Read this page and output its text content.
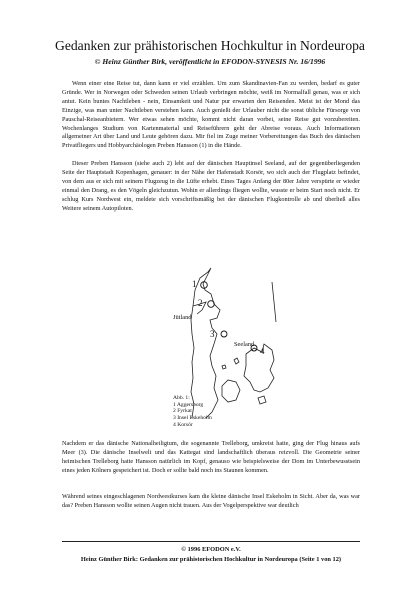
Gedanken zur prähistorischen Hochkultur in Nordeuropa
© Heinz Günther Birk, veröffentlicht in EFODON-SYNESIS Nr. 16/1996

Wenn einer eine Reise tut, dann kann er viel erzählen. Um zum Skandinavien-Fan zu werden, bedarf es guter Gründe. Wer in Norwegen oder Schweden seinen Urlaub verbringen möchte, weiß im Normalfall genau, was er sich antut. Kein buntes Nachtleben - nein, Einsamkeit und Natur pur erwarten den Reisenden. Meist ist der Mond das Einzige, was man unter Nachtleben verstehen kann. Auch genießt der Urlauber nicht die sonst übliche Fürsorge von Pauschal-Reiseanbietern. Wer etwas sehen möchte, kommt nicht daran vorbei, seine Reise gut vorzubereiten. Wochenlanges Studium von Kartenmaterial und Reiseführern geht der Abreise voraus. Auch Informationen allgemeiner Art über Land und Leute gehören dazu. Mir fiel im Zuge meiner Vorbereitungen das Buch des dänischen Privatfliegers und Hobbyarchäologen Preben Hansson (1) in die Hände.

Dieser Preben Hansson (siehe auch 2) lebt auf der dänischen Hauptinsel Seeland, auf der gegenüberliegenden Seite der Hauptstadt Kopenhagen, genauer: in der Nähe der Hafenstadt Korsör, wo sich auch der Flugplatz befindet, von dem aus er sich mit seinem Flugzeug in die Lüfte erhebt. Eines Tages Anfang der 80er Jahre verspürte er wieder einmal den Drang, es den Vögeln gleichzutun. Wohin er allerdings fliegen wollte, wusste er beim Start noch nicht. Er schlug Kurs Nordwest ein, meldete sich vorschriftsmäßig bei der dänischen Flugkontrolle ab und überließ alles Weitere seinem Autopiloten.

1
2
3
4
Jütland
Seeland
Abb. 1:
1 Aggersborg
2 Fyrkat
3 Insel Eskeholm
4 Korsör

Nachdem er das dänische Nationalheiligtum, die sogenannte Trelleborg, umkreist hatte, ging der Flug hinaus aufs Meer (3). Die dänische Inselwelt und das Kattegat sind landschaftlich überaus reizvoll. Die Geometrie seiner heimischen Trelleborg hatte Hansson natürlich im Kopf, genauso wie beispielsweise der Dom im Unterbewusstsein eines jeden Kölners gespeichert ist. Doch er sollte bald noch ins Staunen kommen.

Während seines eingeschlagenen Nordwestkurses kam die kleine dänische Insel Eskeholm in Sicht. Aber da, was war das? Preben Hansson wollte seinen Augen nicht trauen. Aus der Vogelperspektive war deutlich

© 1996 EFODON e.V.
Heinz Günther Birk: Gedanken zur prähistorischen Hochkultur in Nordeuropa (Seite 1 von 12)
